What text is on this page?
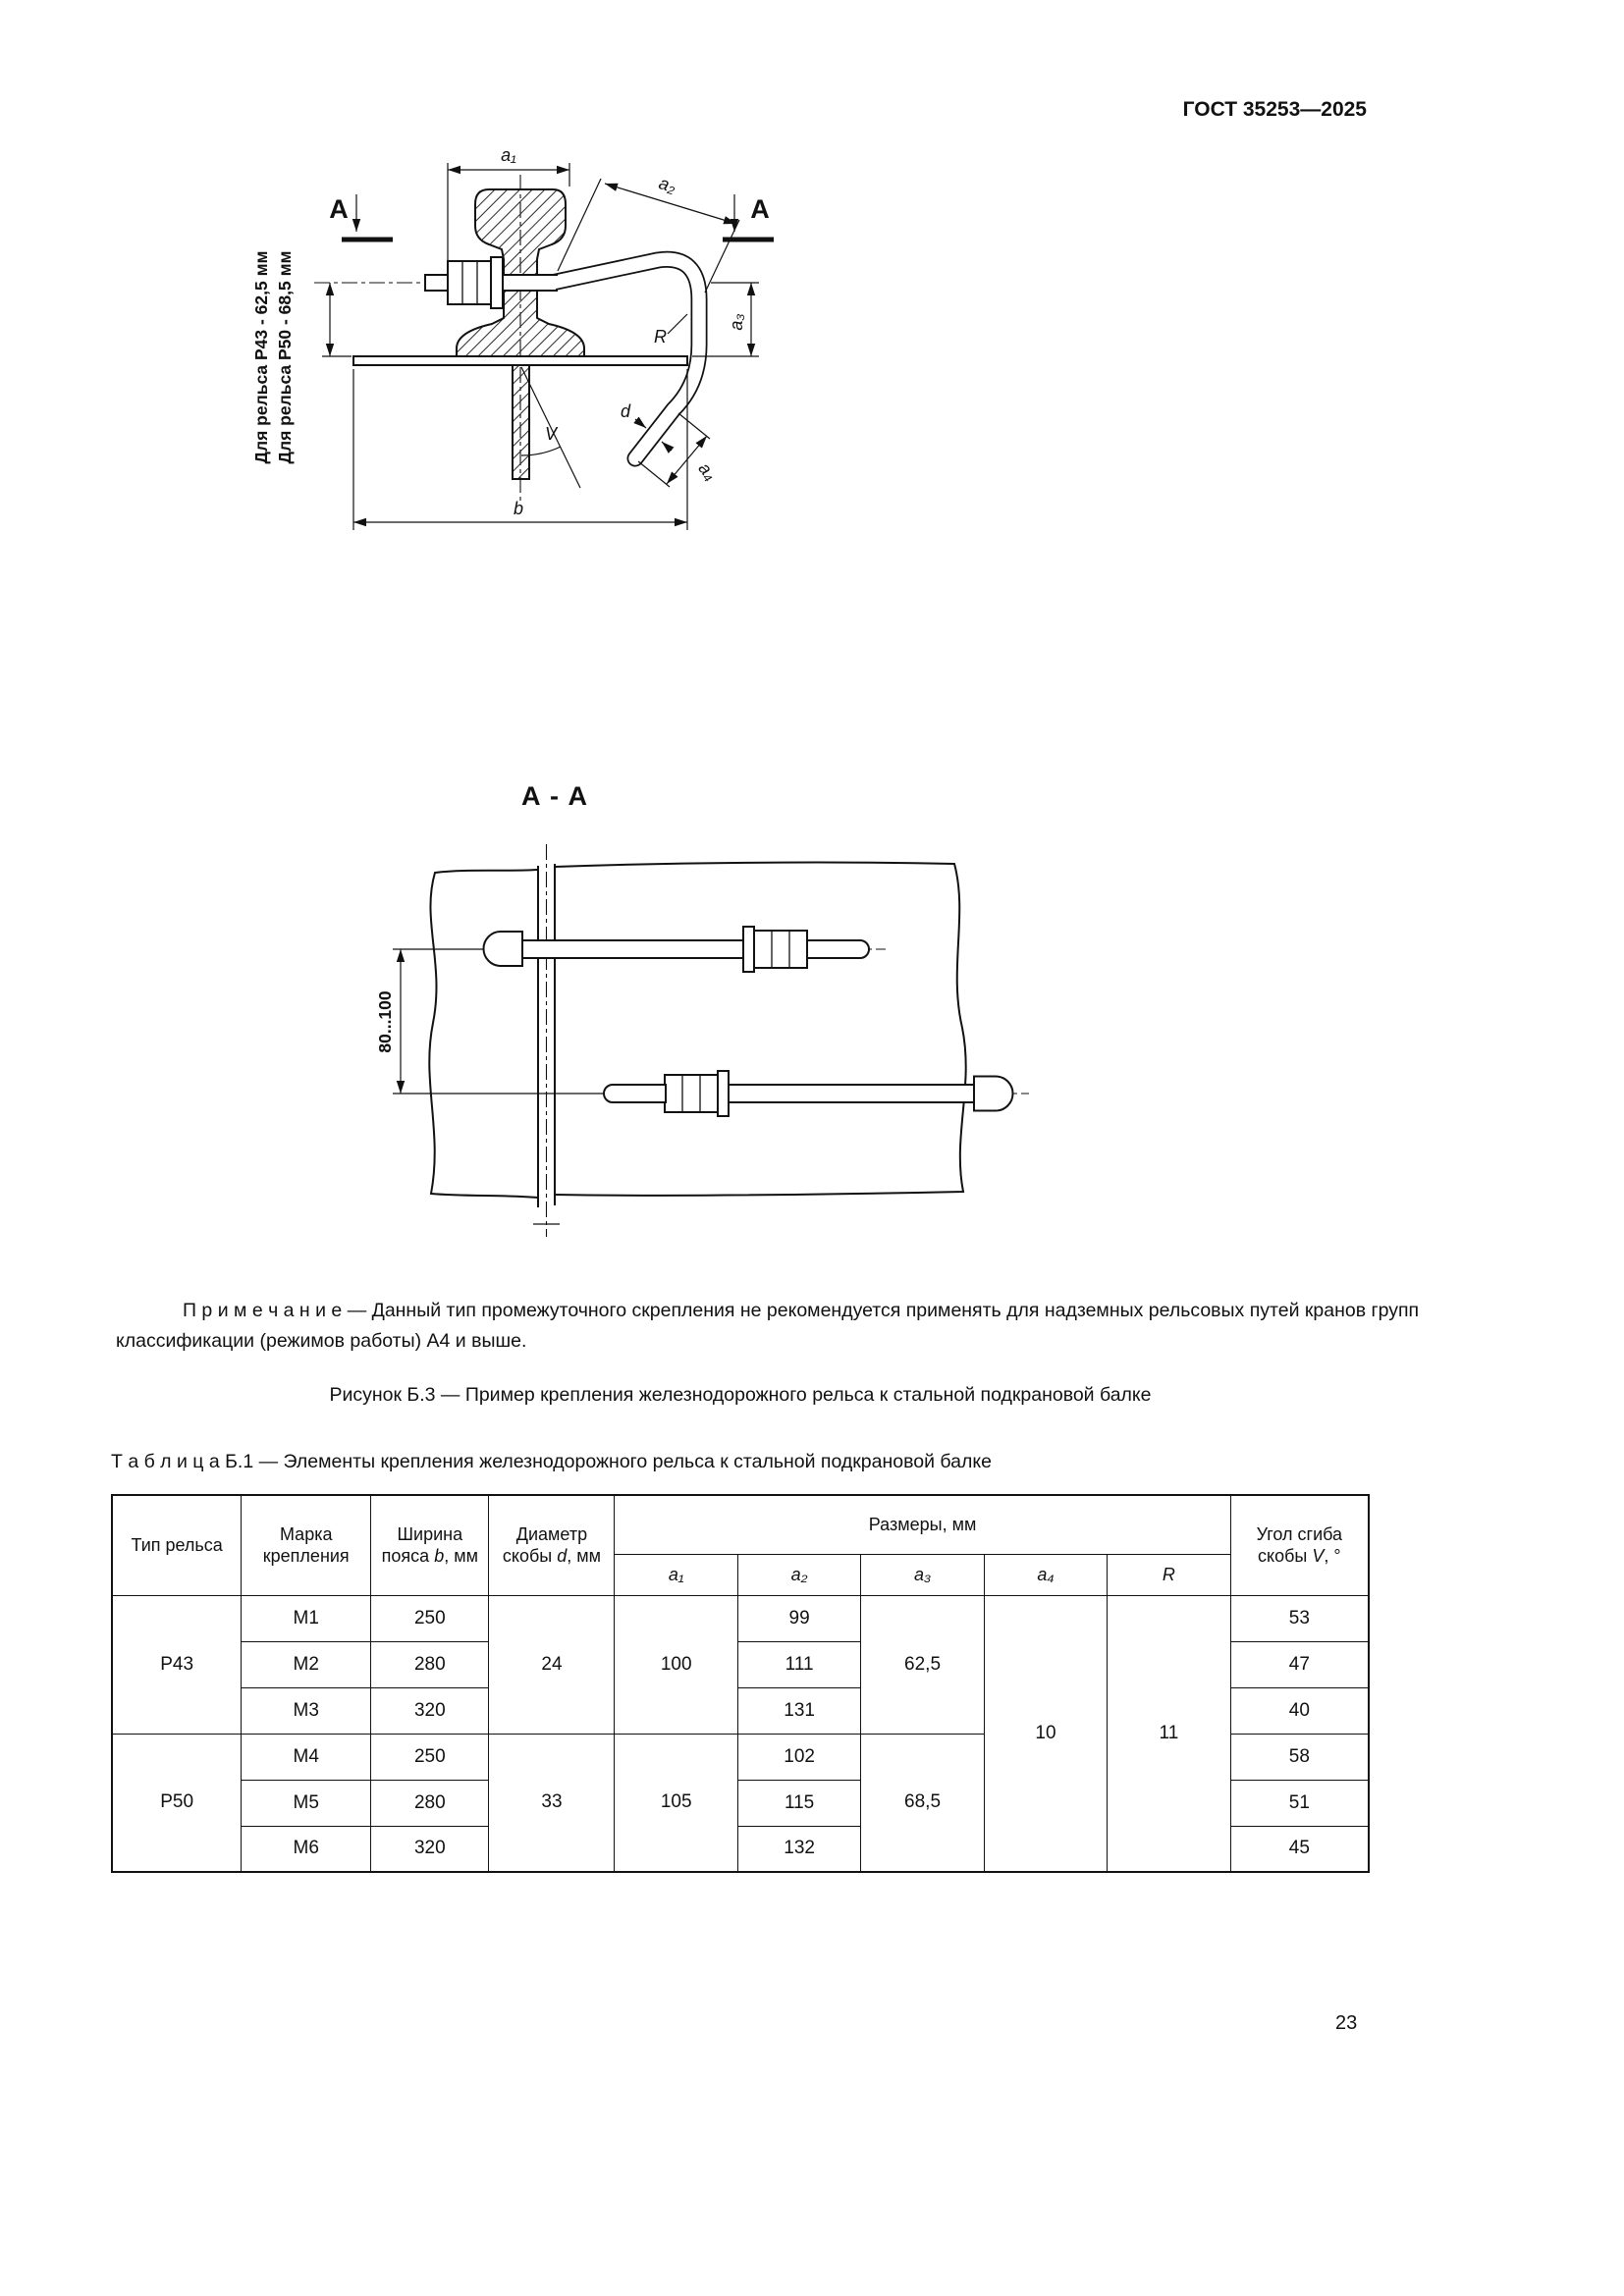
ГОСТ 35253—2025
V
a₁
a₂
a₃
Для рельса Р43 - 62,5 мм Для рельса Р50 - 68,5 мм
b
a₄
d
R
А	А
А - А
80...100

П р и м е ч а н и е — Данный тип промежуточного скрепления не рекомендуется применять для надземных рельсовых путей кранов групп классификации (режимов работы) А4 и выше.

Рисунок Б.3 — Пример крепления железнодорожного рельса к стальной подкрановой балке

Т а б л и ц а Б.1 — Элементы крепления железнодорожного рельса к стальной подкрановой балке

Тип рельса	Марка крепления	Ширина пояса b, мм	Диаметр скобы d, мм	Размеры, мм					Угол сгиба скобы V, °
				a₁	a₂	a₃	a₄	R	
Р43	М1	250	24	100	99	62,5	10	11	53
	М2	280			111				47
	М3	320			131				40
Р50	М4	250	33	105	102	68,5			58
	М5	280			115				51
	М6	320			132				45
23
